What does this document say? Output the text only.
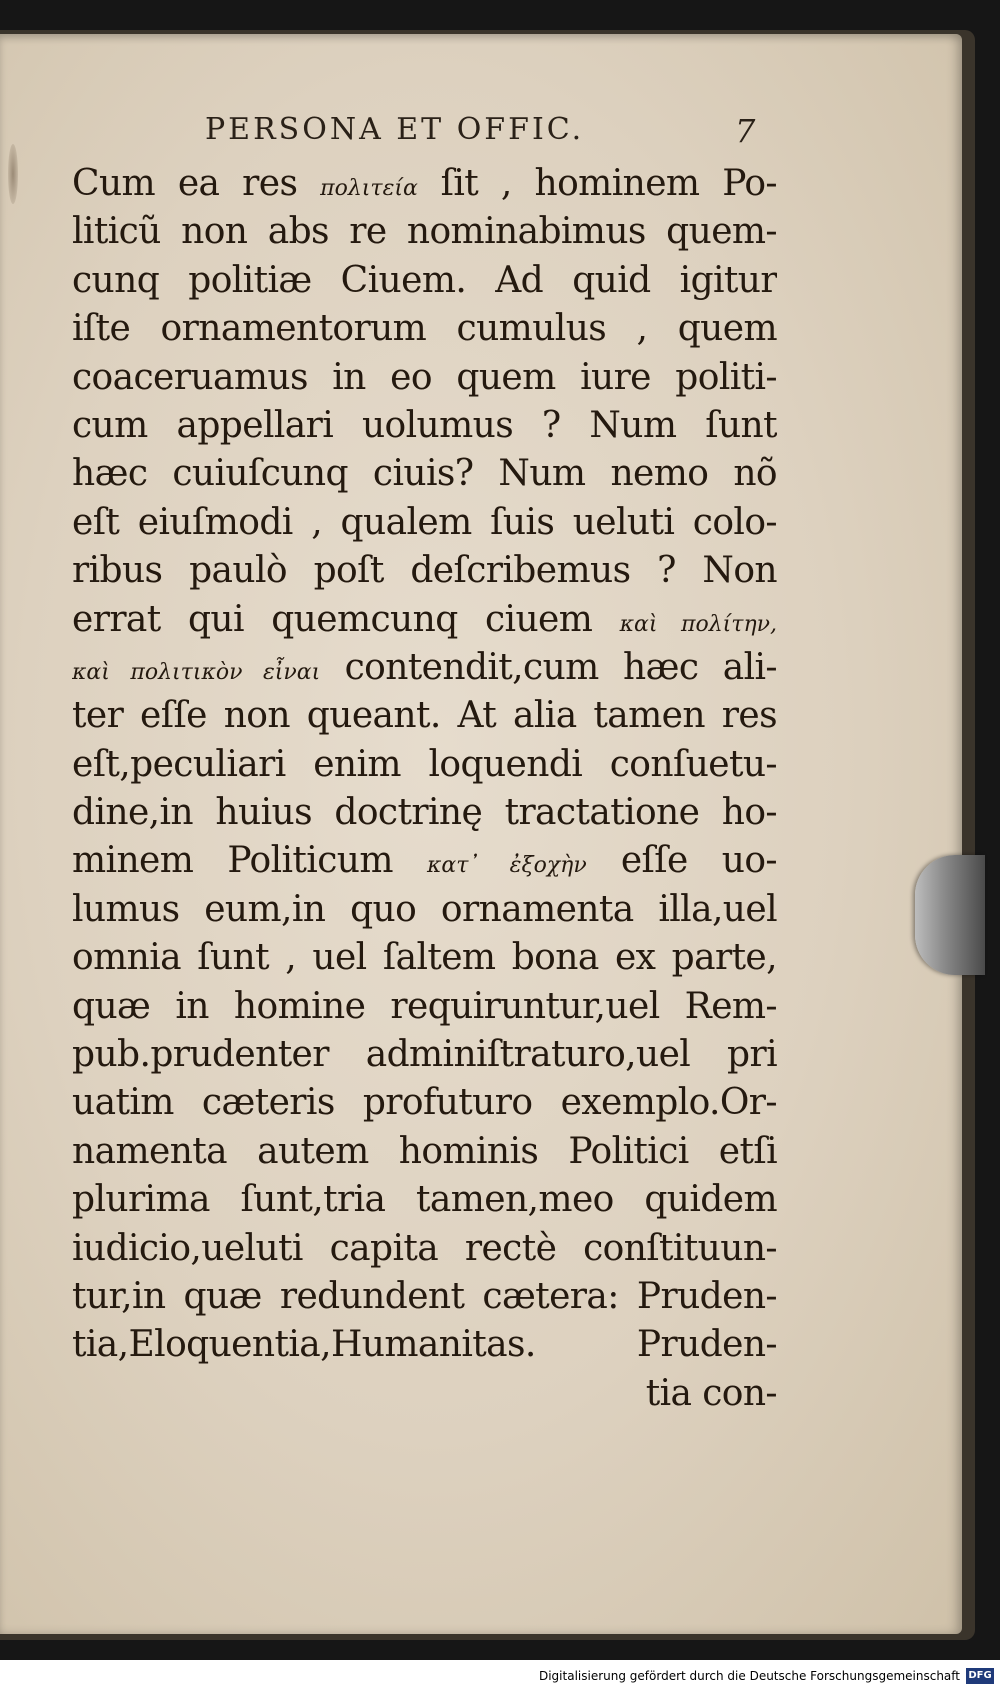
PERSONA ET OFFIC.	7
Cum ea res πολιτεία ſit , hominem Po-
liticũ non abs re nominabimus quem-
cunq politiæ Ciuem. Ad quid igitur
iſte ornamentorum cumulus , quem
coaceruamus in eo quem iure politi-
cum appellari uolumus ? Num ſunt
hæc cuiuſcunq ciuis? Num nemo nõ
eſt eiuſmodi , qualem ſuis ueluti colo-
ribus paulò poſt deſcribemus ? Non
errat qui quemcunq ciuem καὶ πολίτην,
καὶ πολιτικὸν εἶναι contendit,cum hæc ali-
ter eſſe non queant. At alia tamen res
eſt,peculiari enim loquendi conſuetu-
dine,in huius doctrinę tractatione ho-
minem Politicum κατ᾽ ἐξοχὴν eſſe uo-
lumus eum,in quo ornamenta illa,uel
omnia ſunt , uel ſaltem bona ex parte,
quæ in homine requiruntur,uel Rem-
pub.prudenter adminiſtraturo,uel pri
uatim cæteris profuturo exemplo.Or-
namenta autem hominis Politici etſi
plurima ſunt,tria tamen,meo quidem
iudicio,ueluti capita rectè conſtituun-
tur,in quæ redundent cætera: Pruden-
tia,Eloquentia,Humanitas. Pruden-
tia con-
Digitalisierung gefördert durch die Deutsche Forschungsgemeinschaft DFG
